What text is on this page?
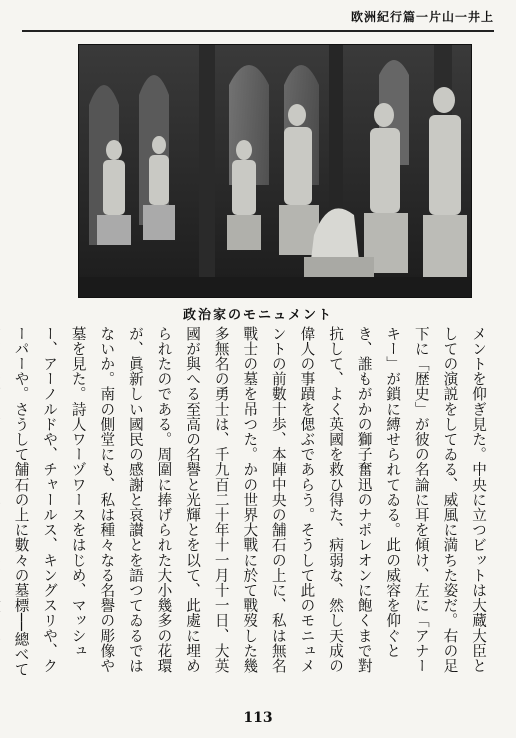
欧洲紀行篇一片山一井上
政治家のモニュメント

メントを仰ぎ見た。中央に立つビットは大蔵大臣としての演説をしてゐる、威風に満ちた姿だ。右の足下に「歴史」が彼の名論に耳を傾け、左に「アナーキー」が鎖に縛せられてゐる。此の威容を仰ぐとき、誰もがかの獅子奮迅のナポレオンに飽くまで對抗して、よく英國を救ひ得た、病弱な、然し天成の偉人の事蹟を偲ぶであらう。そうして此のモニュメントの前數十歩、本陣中央の舗石の上に、私は無名戰士の墓を吊つた。かの世界大戰に於て戰歿した幾多無名の勇士は、千九百二十年十一月十一日、大英國が與へる至高の名譽と光輝とを以て、此處に埋められたのである。周圍に捧げられた大小幾多の花環が、眞新しい國民の感謝と哀讃とを語つてゐるではないか。南の側堂にも、私は種々なる名譽の彫像や墓を見た。詩人ワーヅワースをはじめ、マッシュー、アーノルドや、チャールス、キングスリや、クーパーや。さうして舗石の上に數々の墓標──總べて

113
